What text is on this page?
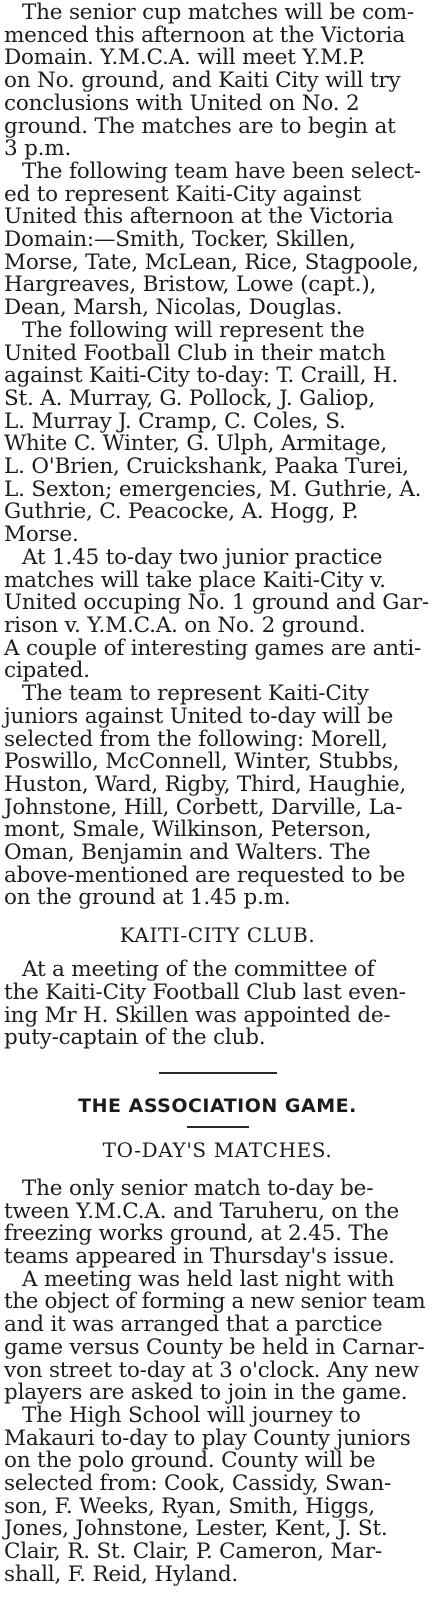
The senior cup matches will be com-
menced this afternoon at the Victoria
Domain. Y.M.C.A. will meet Y.M.P.
on No. ground, and Kaiti City will try
conclusions with United on No. 2
ground. The matches are to begin at
3 p.m.
The following team have been select-
ed to represent Kaiti-City against
United this afternoon at the Victoria
Domain:—Smith, Tocker, Skillen,
Morse, Tate, McLean, Rice, Stagpoole,
Hargreaves, Bristow, Lowe (capt.),
Dean, Marsh, Nicolas, Douglas.
The following will represent the
United Football Club in their match
against Kaiti-City to-day: T. Craill, H.
St. A. Murray, G. Pollock, J. Galiop,
L. Murray J. Cramp, C. Coles, S.
White C. Winter, G. Ulph, Armitage,
L. O'Brien, Cruickshank, Paaka Turei,
L. Sexton; emergencies, M. Guthrie, A.
Guthrie, C. Peacocke, A. Hogg, P.
Morse.
At 1.45 to-day two junior practice
matches will take place Kaiti-City v.
United occuping No. 1 ground and Gar-
rison v. Y.M.C.A. on No. 2 ground.
A couple of interesting games are anti-
cipated.
The team to represent Kaiti-City
juniors against United to-day will be
selected from the following: Morell,
Poswillo, McConnell, Winter, Stubbs,
Huston, Ward, Rigby, Third, Haughie,
Johnstone, Hill, Corbett, Darville, La-
mont, Smale, Wilkinson, Peterson,
Oman, Benjamin and Walters. The
above-mentioned are requested to be
on the ground at 1.45 p.m.
KAITI-CITY CLUB.
At a meeting of the committee of
the Kaiti-City Football Club last even-
ing Mr H. Skillen was appointed de-
puty-captain of the club.
THE ASSOCIATION GAME.
TO-DAY'S MATCHES.
The only senior match to-day be-
tween Y.M.C.A. and Taruheru, on the
freezing works ground, at 2.45. The
teams appeared in Thursday's issue.
A meeting was held last night with
the object of forming a new senior team
and it was arranged that a parctice
game versus County be held in Carnar-
von street to-day at 3 o'clock. Any new
players are asked to join in the game.
The High School will journey to
Makauri to-day to play County juniors
on the polo ground. County will be
selected from: Cook, Cassidy, Swan-
son, F. Weeks, Ryan, Smith, Higgs,
Jones, Johnstone, Lester, Kent, J. St.
Clair, R. St. Clair, P. Cameron, Mar-
shall, F. Reid, Hyland.
